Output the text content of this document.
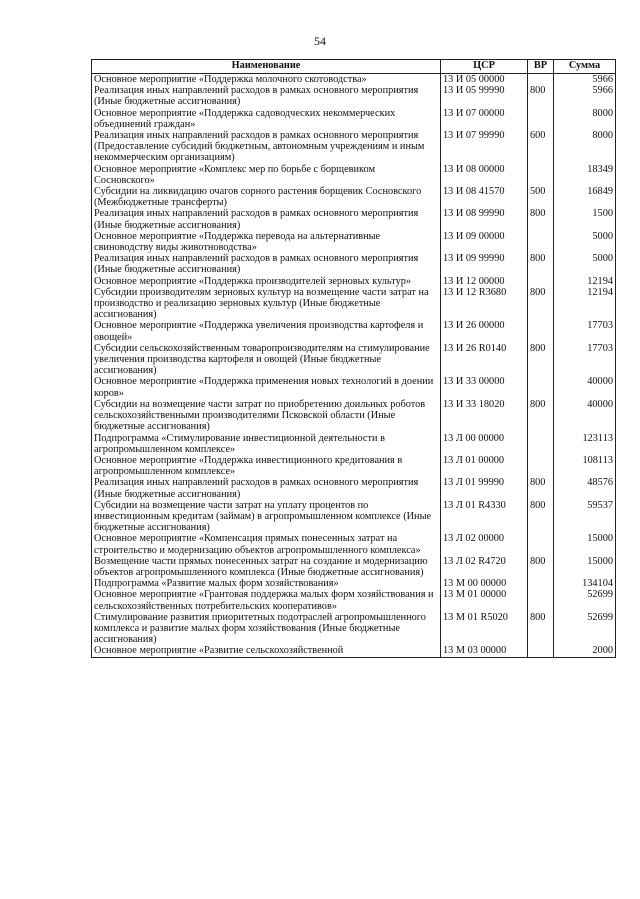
54
Наименование	ЦСР	ВР	Сумма
Основное мероприятие «Поддержка молочного скотоводства»	13 И 05 00000		5966
Реализация иных направлений расходов в рамках основного мероприятия (Иные бюджетные ассигнования)	13 И 05 99990	800	5966
Основное мероприятие «Поддержка садоводческих некоммерческих объединений граждан»	13 И 07 00000		8000
Реализация иных направлений расходов в рамках основного мероприятия (Предоставление субсидий бюджетным, автономным учреждениям и иным некоммерческим организациям)	13 И 07 99990	600	8000
Основное мероприятие «Комплекс мер по борьбе с борщевиком Сосновского»	13 И 08 00000		18349
Субсидии на ликвидацию очагов сорного растения борщевик Сосновского (Межбюджетные трансферты)	13 И 08 41570	500	16849
Реализация иных направлений расходов в рамках основного мероприятия (Иные бюджетные ассигнования)	13 И 08 99990	800	1500
Основное мероприятие «Поддержка перевода на альтернативные свиноводству виды животноводства»	13 И 09 00000		5000
Реализация иных направлений расходов в рамках основного мероприятия (Иные бюджетные ассигнования)	13 И 09 99990	800	5000
Основное мероприятие «Поддержка производителей зерновых культур»	13 И 12 00000		12194
Субсидии производителям зерновых культур на возмещение части затрат на производство и реализацию зерновых культур (Иные бюджетные ассигнования)	13 И 12 R3680	800	12194
Основное мероприятие «Поддержка увеличения производства картофеля и овощей»	13 И 26 00000		17703
Субсидии сельскохозяйственным товаропроизводителям на стимулирование увеличения производства картофеля и овощей (Иные бюджетные ассигнования)	13 И 26 R0140	800	17703
Основное мероприятие «Поддержка применения новых технологий в доении коров»	13 И 33 00000		40000
Субсидии на возмещение части затрат по приобретению доильных роботов сельскохозяйственными производителями Псковской области (Иные бюджетные ассигнования)	13 И 33 18020	800	40000
Подпрограмма «Стимулирование инвестиционной деятельности в агропромышленном комплексе»	13 Л 00 00000		123113
Основное мероприятие «Поддержка инвестиционного кредитования в агропромышленном комплексе»	13 Л 01 00000		108113
Реализация иных направлений расходов в рамках основного мероприятия (Иные бюджетные ассигнования)	13 Л 01 99990	800	48576
Субсидии на возмещение части затрат на уплату процентов по инвестиционным кредитам (займам) в агропромышленном комплексе (Иные бюджетные ассигнования)	13 Л 01 R4330	800	59537
Основное мероприятие «Компенсация прямых понесенных затрат на строительство и модернизацию объектов агропромышленного комплекса»	13 Л 02 00000		15000
Возмещение части прямых понесенных затрат на создание и модернизацию объектов агропромышленного комплекса (Иные бюджетные ассигнования)	13 Л 02 R4720	800	15000
Подпрограмма «Развитие малых форм хозяйствования»	13 М 00 00000		134104
Основное мероприятие «Грантовая поддержка малых форм хозяйствования и сельскохозяйственных потребительских кооперативов»	13 М 01 00000		52699
Стимулирование развития приоритетных подотраслей агропромышленного комплекса и развитие малых форм хозяйствования (Иные бюджетные ассигнования)	13 М 01 R5020	800	52699
Основное мероприятие «Развитие сельскохозяйственной	13 М 03 00000		2000
